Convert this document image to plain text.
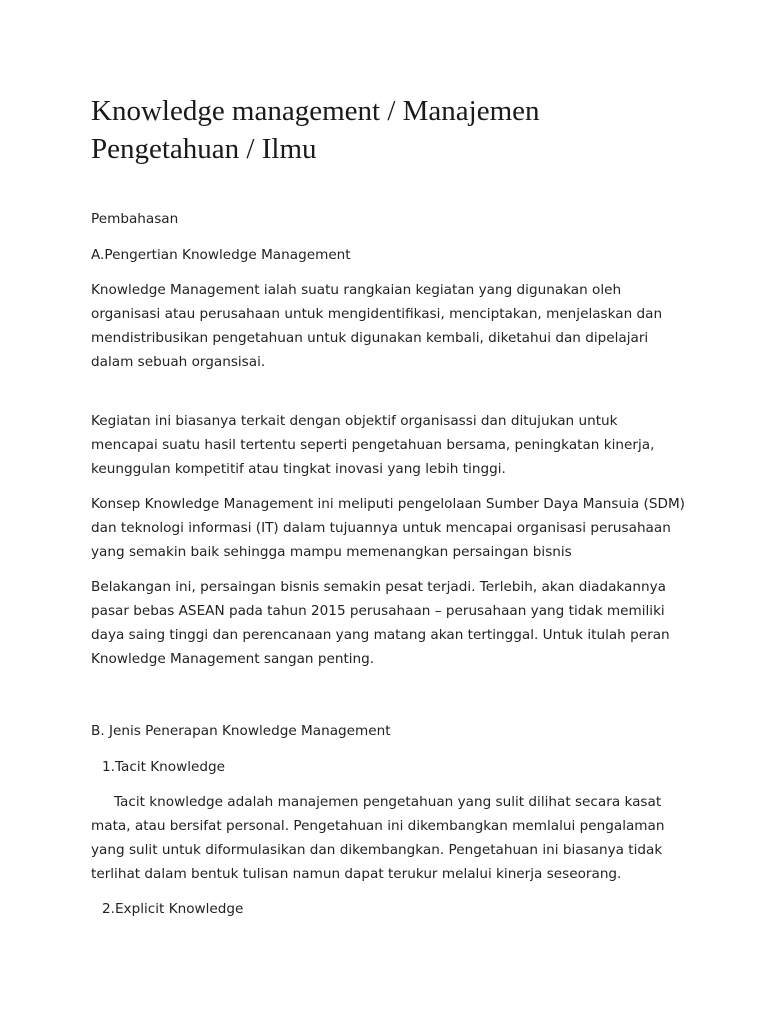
Knowledge management / Manajemen Pengetahuan / Ilmu

Pembahasan

A.Pengertian Knowledge Management

Knowledge Management ialah suatu rangkaian kegiatan yang digunakan oleh organisasi atau perusahaan untuk mengidentifikasi, menciptakan, menjelaskan dan mendistribusikan pengetahuan untuk digunakan kembali, diketahui dan dipelajari dalam sebuah organsisai.

Kegiatan ini biasanya terkait dengan objektif organisassi dan ditujukan untuk mencapai suatu hasil tertentu seperti pengetahuan bersama, peningkatan kinerja, keunggulan kompetitif atau tingkat inovasi yang lebih tinggi.

Konsep Knowledge Management ini meliputi pengelolaan Sumber Daya Mansuia (SDM) dan teknologi informasi (IT) dalam tujuannya untuk mencapai organisasi perusahaan yang semakin baik sehingga mampu memenangkan persaingan bisnis

Belakangan ini, persaingan bisnis semakin pesat terjadi. Terlebih, akan diadakannya pasar bebas ASEAN pada tahun 2015 perusahaan – perusahaan yang tidak memiliki daya saing tinggi dan perencanaan yang matang akan tertinggal. Untuk itulah peran Knowledge Management sangan penting.

B. Jenis Penerapan Knowledge Management

1.Tacit Knowledge

Tacit knowledge adalah manajemen pengetahuan yang sulit dilihat secara kasat mata, atau bersifat personal. Pengetahuan ini dikembangkan memlalui pengalaman yang sulit untuk diformulasikan dan dikembangkan. Pengetahuan ini biasanya tidak terlihat dalam bentuk tulisan namun dapat terukur melalui kinerja seseorang.

2.Explicit Knowledge
